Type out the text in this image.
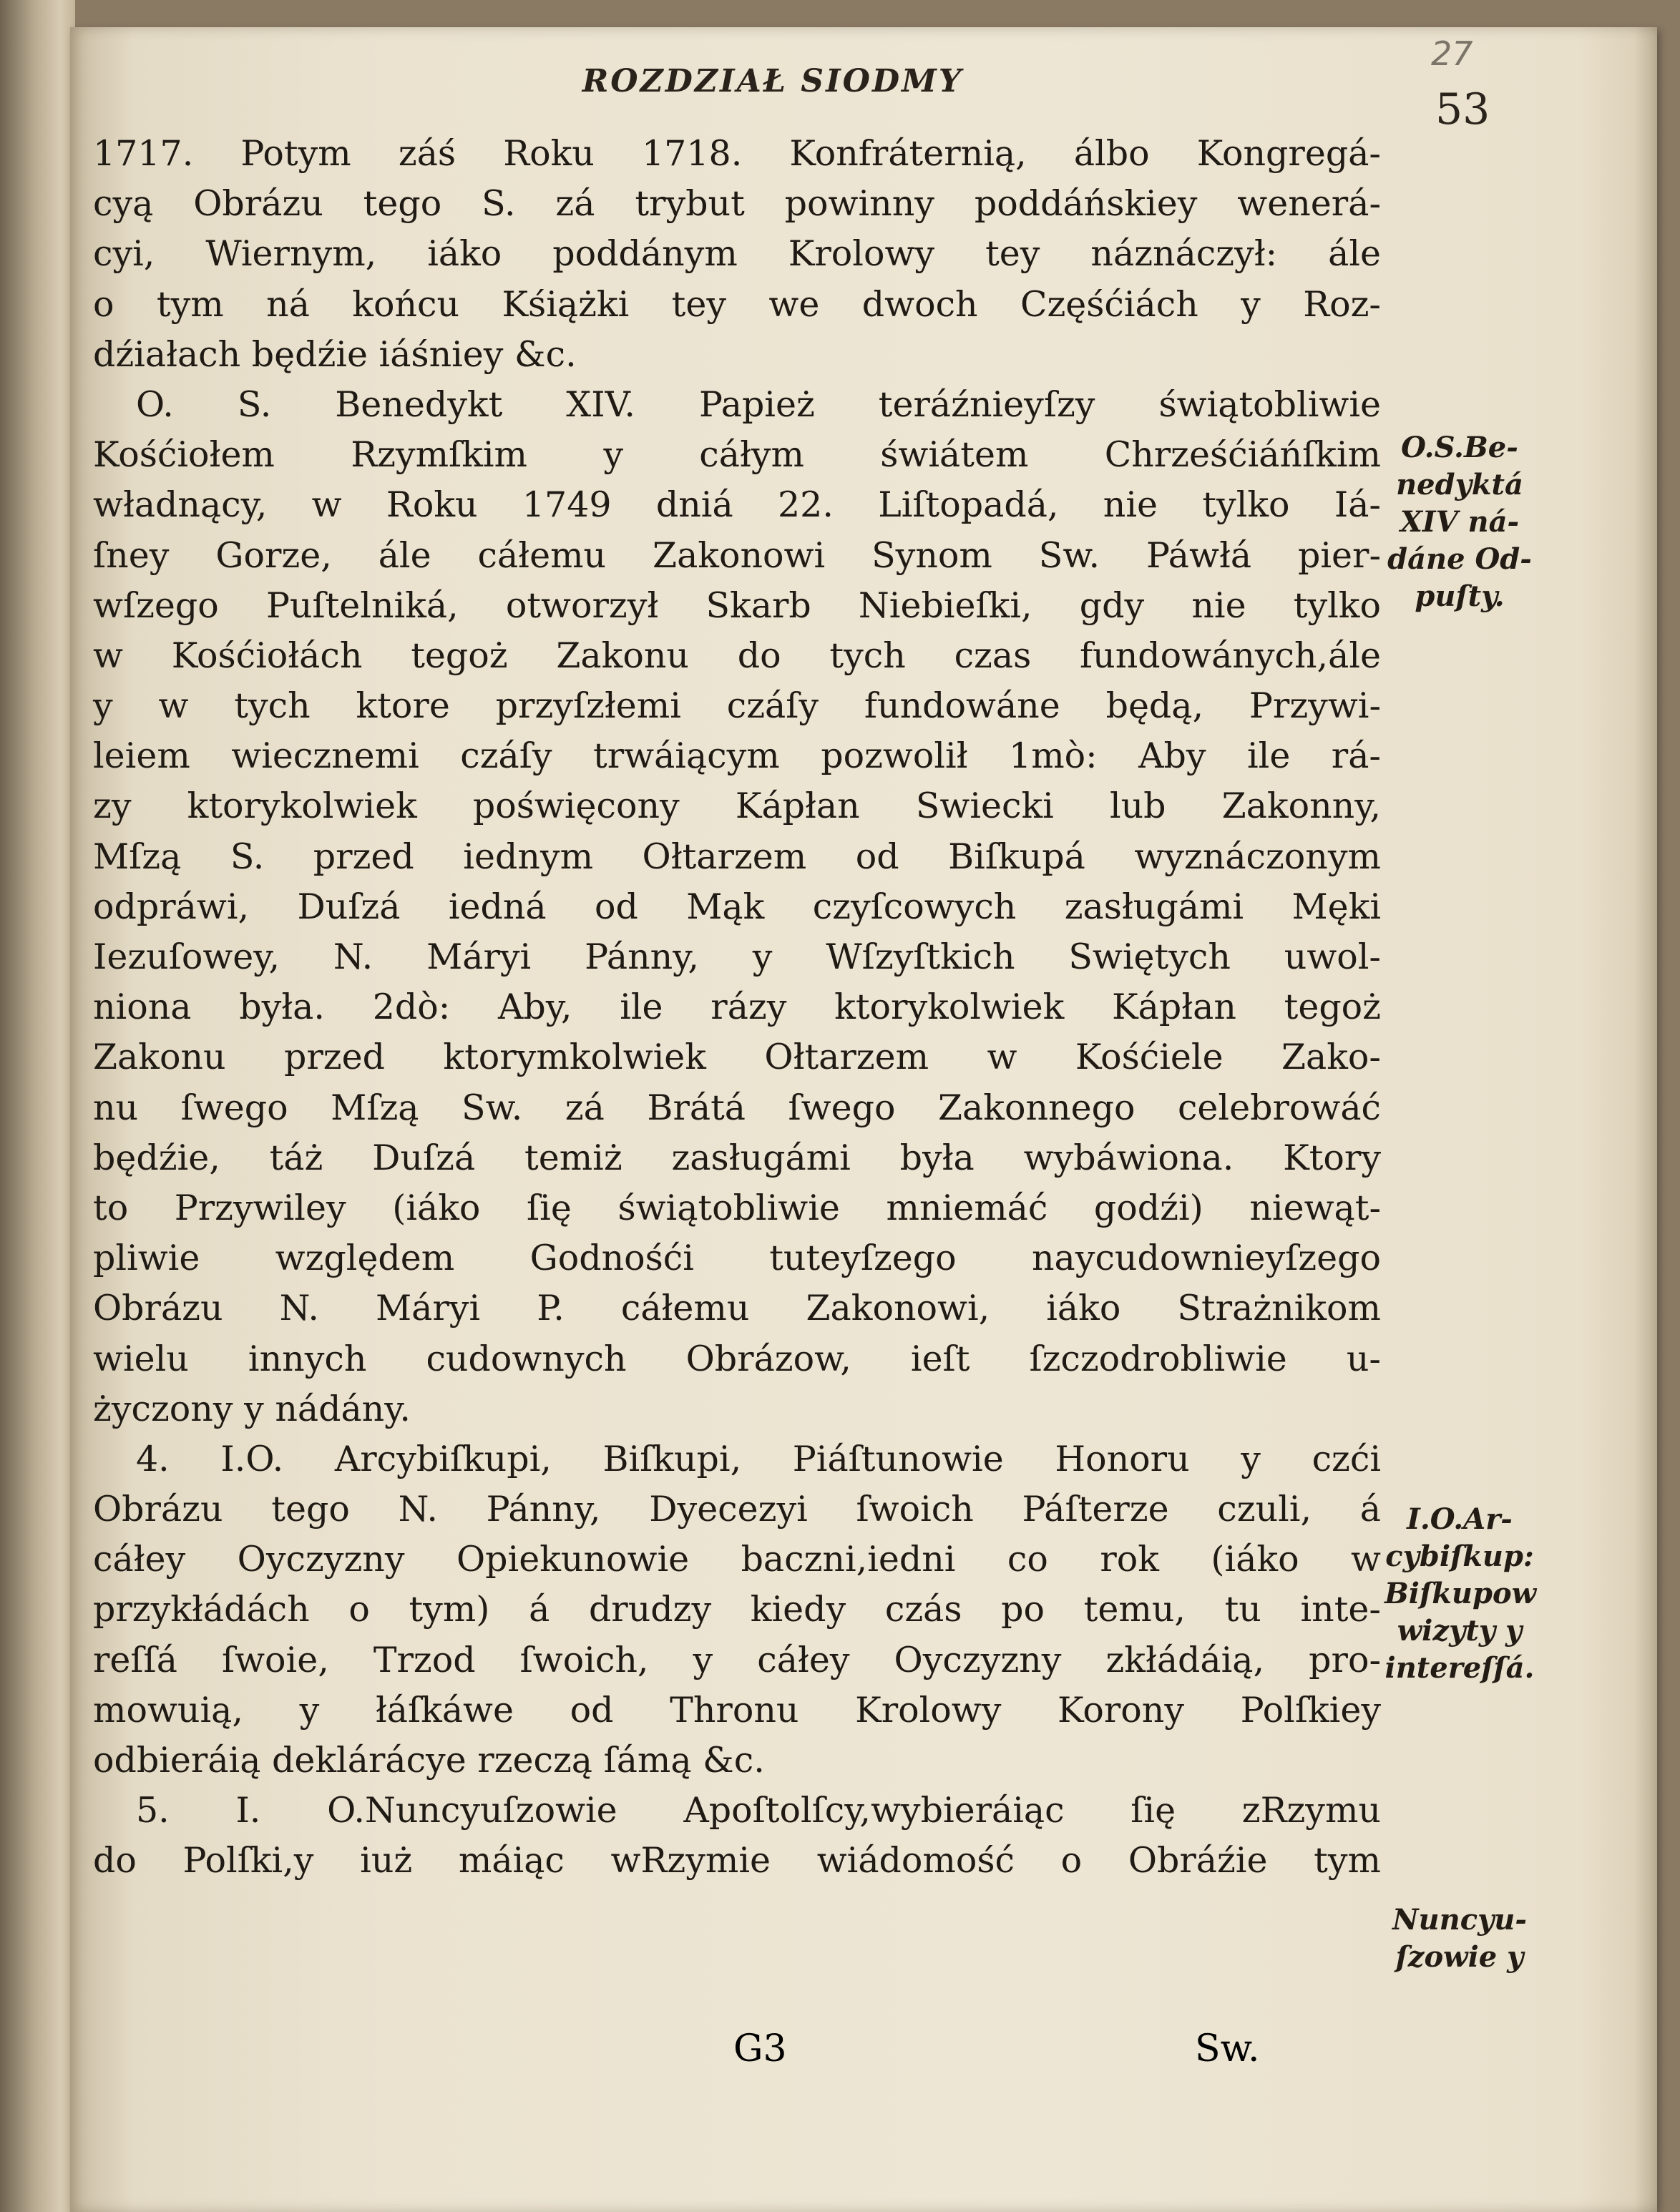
27
ROZDZIAŁ SIODMY
53
1717. Potym záś Roku 1718. Konfráternią, álbo Kongregá-
cyą Obrázu tego S. zá trybut powinny poddáńskiey wenerá-
cyi, Wiernym, iáko poddánym Krolowy tey náznáczył: ále
o tym ná końcu Kśiążki tey we dwoch Częśćiách y Roz-
dźiałach będźie iáśniey &c.
O. S. Benedykt XIV. Papież teráźnieyſzy świątobliwie
Kośćiołem Rzymſkim y cáłym świátem Chrześćiáńſkim
władnący, w Roku 1749 dniá 22. Liſtopadá, nie tylko Iá-
ſney Gorze, ále cáłemu Zakonowi Synom Sw. Páwłá pier-
wſzego Puſtelniká, otworzył Skarb Niebieſki, gdy nie tylko
w Kośćiołách tegoż Zakonu do tych czas fundowánych,ále
y w tych ktore przyſzłemi czáſy fundowáne będą, Przywi-
leiem wiecznemi czáſy trwáiącym pozwolił 1mò: Aby ile rá-
zy ktorykolwiek poświęcony Kápłan Swiecki lub Zakonny,
Mſzą S. przed iednym Ołtarzem od Biſkupá wyznáczonym
odpráwi, Duſzá iedná od Mąk czyſcowych zasługámi Męki
Iezuſowey, N. Máryi Pánny, y Wſzyſtkich Swiętych uwol-
niona była. 2dò: Aby, ile rázy ktorykolwiek Kápłan tegoż
Zakonu przed ktorymkolwiek Ołtarzem w Kośćiele Zako-
nu ſwego Mſzą Sw. zá Brátá ſwego Zakonnego celebrowáć
będźie, táż Duſzá temiż zasługámi była wybáwiona. Ktory
to Przywiley (iáko ſię świątobliwie mniemáć godźi) niewąt-
pliwie względem Godnośći tuteyſzego naycudownieyſzego
Obrázu N. Máryi P. cáłemu Zakonowi, iáko Strażnikom
wielu innych cudownych Obrázow, ieſt ſzczodrobliwie u-
życzony y nádány.
4. I.O. Arcybiſkupi, Biſkupi, Piáſtunowie Honoru y czći
Obrázu tego N. Pánny, Dyecezyi ſwoich Páſterze czuli, á
cáłey Oyczyzny Opiekunowie baczni,iedni co rok (iáko w
przykłádách o tym) á drudzy kiedy czás po temu, tu inte-
reſſá ſwoie, Trzod ſwoich, y cáłey Oyczyzny zkłádáią, pro-
mowuią, y łáſkáwe od Thronu Krolowy Korony Polſkiey
odbieráią deklárácye rzeczą ſámą &c.
5. I. O.Nuncyuſzowie Apoſtolſcy,wybieráiąc ſię zRzymu
do Polſki,y iuż máiąc wRzymie wiádomość o Obráźie tym
O.S.Be-
nedyktá
XIV ná-
dáne Od-
puſty.
I.O.Ar-
cybiſkup:
Biſkupow
wizyty y
intereſſá.
Nuncyu-
ſzowie y
G3	Sw.
